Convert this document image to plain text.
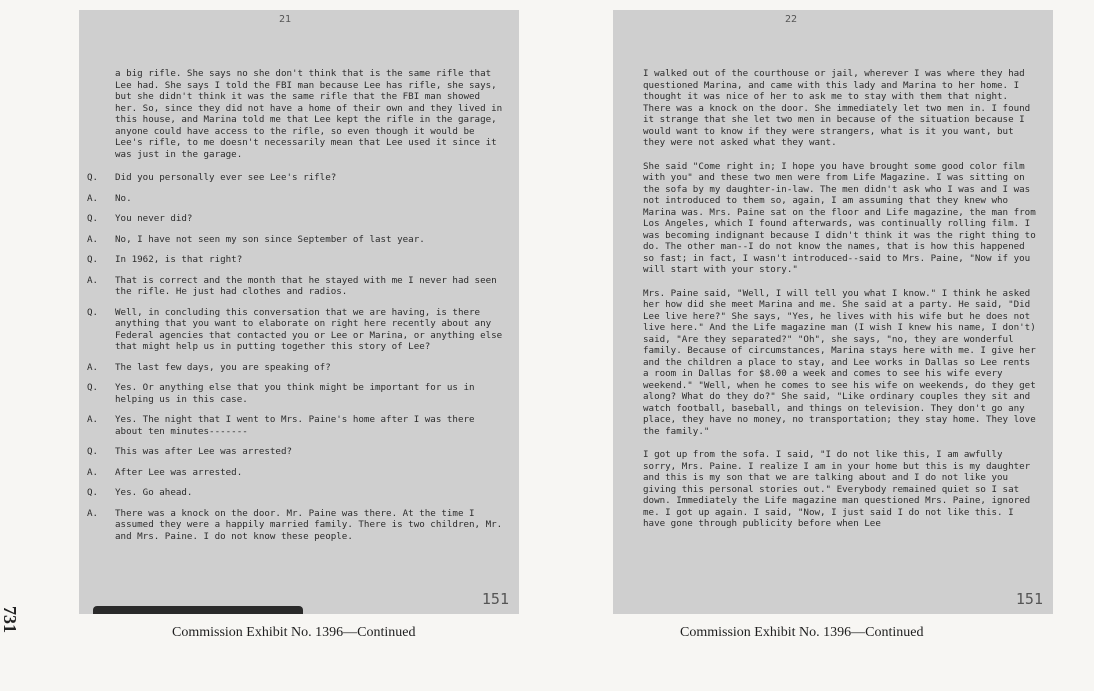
21

a big rifle. She says no she don't think that is the same rifle that Lee had. She says I told the FBI man because Lee has rifle, she says, but she didn't think it was the same rifle that the FBI man showed her. So, since they did not have a home of their own and they lived in this house, and Marina told me that Lee kept the rifle in the garage, anyone could have access to the rifle, so even though it would be Lee's rifle, to me doesn't necessarily mean that Lee used it since it was just in the garage.

Q.	Did you personally ever see Lee's rifle?
A.	No.
Q.	You never did?
A.	No, I have not seen my son since September of last year.
Q.	In 1962, is that right?
A.	That is correct and the month that he stayed with me I never had seen the rifle. He just had clothes and radios.
Q.	Well, in concluding this conversation that we are having, is there anything that you want to elaborate on right here recently about any Federal agencies that contacted you or Lee or Marina, or anything else that might help us in putting together this story of Lee?
A.	The last few days, you are speaking of?
Q.	Yes. Or anything else that you think might be important for us in helping us in this case.
A.	Yes. The night that I went to Mrs. Paine's home after I was there about ten minutes-------
Q.	This was after Lee was arrested?
A.	After Lee was arrested.
Q.	Yes. Go ahead.
A.	There was a knock on the door. Mr. Paine was there. At the time I assumed they were a happily married family. There is two children, Mr. and Mrs. Paine. I do not know these people.
151
22

I walked out of the courthouse or jail, wherever I was where they had questioned Marina, and came with this lady and Marina to her home. I thought it was nice of her to ask me to stay with them that night. There was a knock on the door. She immediately let two men in. I found it strange that she let two men in because of the situation because I would want to know if they were strangers, what is it you want, but they were not asked what they want.

She said "Come right in; I hope you have brought some good color film with you" and these two men were from Life Magazine. I was sitting on the sofa by my daughter-in-law. The men didn't ask who I was and I was not introduced to them so, again, I am assuming that they knew who Marina was. Mrs. Paine sat on the floor and Life magazine, the man from Los Angeles, which I found afterwards, was continually rolling film. I was becoming indignant because I didn't think it was the right thing to do. The other man--I do not know the names, that is how this happened so fast; in fact, I wasn't introduced--said to Mrs. Paine, "Now if you will start with your story."

Mrs. Paine said, "Well, I will tell you what I know." I think he asked her how did she meet Marina and me. She said at a party. He said, "Did Lee live here?" She says, "Yes, he lives with his wife but he does not live here." And the Life magazine man (I wish I knew his name, I don't) said, "Are they separated?" "Oh", she says, "no, they are wonderful family. Because of circumstances, Marina stays here with me. I give her and the children a place to stay, and Lee works in Dallas so Lee rents a room in Dallas for $8.00 a week and comes to see his wife every weekend." "Well, when he comes to see his wife on weekends, do they get along? What do they do?" She said, "Like ordinary couples they sit and watch football, baseball, and things on television. They don't go any place, they have no money, no transportation; they stay home. They love the family."

I got up from the sofa. I said, "I do not like this, I am awfully sorry, Mrs. Paine. I realize I am in your home but this is my daughter and this is my son that we are talking about and I do not like you giving this personal stories out." Everybody remained quiet so I sat down. Immediately the Life magazine man questioned Mrs. Paine, ignored me. I got up again. I said, "Now, I just said I do not like this. I have gone through publicity before when Lee

151
Commission Exhibit No. 1396—Continued	Commission Exhibit No. 1396—Continued
731
